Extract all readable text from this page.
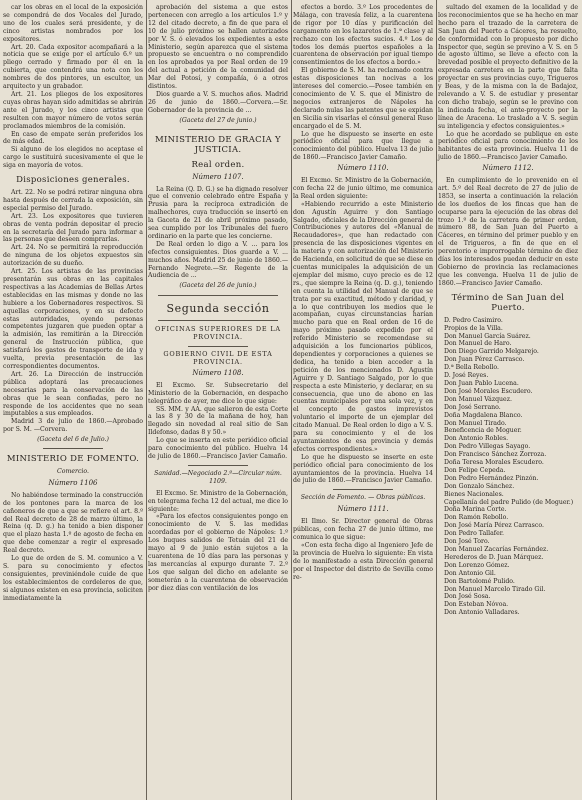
car los obras en el local de la exposición se compondrá de dos Vocales del Jurado, uno de los cuales será presidente, y de cinco artistas nombrados por los expositores.

Art. 20. Cada expositor acompañará a la noticia que se exige por el artículo 6.º un pliego cerrado y firmado por él en la cubierta, que contendrá una nota con los nombres de dos pintores, un escultor, un arquitecto y un grabador.

Art. 21. Los pliegos de los expositores cuyas obras hayan sido admitidas se abrirán ante el Jurado, y los cinco artistas que resulten con mayor número de votos serán proclamados miembros de la comisión.

En caso de empate serán preferidos los de más edad.

Si alguno de los elegidos no aceptase el cargo le sustituirá sucesivamente el que le siga en mayoría de votos.

Disposiciones generales.

Art. 22. No se podrá retirar ninguna obra hasta después de cerrada la exposición, sin especial permiso del Jurado.

Art. 23. Los expositores que tuvieren obras de venta podrán depositar el precio en la secretaría del Jurado para informar a las personas que deseen comprarlas.

Art. 24. No se permitirá la reproducción de ninguna de los objetos expuestos sin autorización de su dueño.

Art. 25. Los artistas de las provincias presentarán sus obras en las capitales respectivas a las Academias de Bellas Artes establecidas en las mismas y donde no las hubiere a los Gobernadores respectivos. Si aquellas corporaciones, y en su defecto estas autoridades, oyendo personas competentes juzgaren que pueden optar a la admisión, las remitirán a la Dirección general de Instrucción pública, que satisfará los gastos de transporte de ida y vuelta, previa presentación de las correspondientes documentos.

Art. 26. La Dirección de instrucción pública adoptará las precauciones necesarias para la conservación de las obras que le sean confiadas, pero no responde de los accidentes que no sean imputables a sus empleados.

Madrid 3 de julio de 1860.—Aprobado por S. M. —Corvera.

(Gaceta del 6 de Julio.)
MINISTERIO DE FOMENTO.
Comercio.
Número 1106

No habiéndose terminado la construcción de los pontones para la marca de los cañoneros de que a que se refiere el art. 8.º del Real decreto de 28 de marzo último, la Reina (q. D. g.) ha tenido a bien disponer que el plazo hasta 1.º de agosto de fecha en que debe comenzar a regir el expresado Real decreto.

Lo que de orden de S. M. comunico a V. S. para su conocimiento y efectos consiguientes, previniéndole cuide de que los establecimientos de cordeleros de que, si algunos existen en esa provincia, soliciten inmediatamente la

aprobación del sistema a que estos pertenecen con arreglo a los artículos 1.º y 12 del citado decreto, a fin de que para el 10 de julio próximo se hallen autorizados por V. S. ó elevados los expedientes a este Ministerio, según aparezca que el sistema propuesto se encuentra o no comprendido en los aprobados ya por Real orden de 19 del actual a petición de la comunidad del Mar del Potosí, y compañía, ó a otros distintos.

Dios guarde a V. S. muchos años. Madrid 26 de junio de 1860.—Corvera.—Sr. Gobernador de la provincia de ...

(Gaceta del 27 de junio.)
MINISTERIO DE GRACIA Y JUSTICIA.
Real orden.
Número 1107.

La Reina (Q. D. G.) se ha dignado resolver que el convenio celebrado entre España y Prusia para la recíproca extradición de malhechores, cuya traducción se insertó en la Gaceta de 21 de abril próximo pasado, sea cumplido por los Tribunales del fuero ordinario en la parte que les concierne.

De Real orden lo digo a V. ... para los efectos consiguientes. Dios guarde a V. ... muchos años. Madrid 25 de junio de 1860.—Fernando Negrete.—Sr. Regente de la Audiencia de ...

(Gaceta del 26 de junio.)
Segunda sección
OFICINAS SUPERIORES DE LA PROVINCIA.
GOBIERNO CIVIL DE ESTA PROVINCIA.
Número 1108.

El Excmo. Sr. Subsecretario del Ministerio de la Gobernación, en despacho telegráfico de ayer, me dice lo que sigue:

SS. MM. y AA. que salieron de esta Corte a las 8 y 30 de la mañana de hoy, han llegado sin novedad al real sitio de San Ildefonso, dadas 8 y 50.»

Lo que se inserta en este periódico oficial para conocimiento del público. Huelva 14 de julio de 1860.—Francisco Javier Camaño.

Sanidad.—Negociado 2.º—Circular núm. 1109.

El Excmo. Sr. Ministro de la Gobernación, en telegrama fecha 12 del actual, me dice lo siguiente:

«Para los efectos consiguientes pongo en conocimiento de V. S. las medidas acordadas por el gobierno de Nápoles: 1.º Los buques salidos de Tetuán del 21 de mayo al 9 de junio están sujetos a la cuarentena de 10 días para las personas y las mercancías al expurgo durante 7. 2.º Los que salgan del dicho en adelante se someterán a la cuarentena de observación por diez días con ventilación de los

efectos a bordo. 3.º Los procedentes de Málaga, con travesía feliz, a la cuarentena de rigor por 10 días y purificación del cargamento en los lazaretos de 1.ª clase y al rechazo con los efectos sucios. 4.º Los de todos los demás puertos españoles a la cuarentena de observación por igual tiempo consentimientos de los efectos a bordo.»

El gobierno de S. M. ha reclamado contra estas disposiciones tan nocivas a los intereses del comercio.—Posee también en conocimiento de V. S. que el Ministro de negocios extranjeros de Nápoles ha declarado nulas las patentes que se expidan en Sicilia sin visarlas el cónsul general Ruso encargado el de S. M.

Lo que he dispuesto se inserte en este periódico oficial para que llegue a conocimiento del público. Huelva 13 de julio de 1860.—Francisco Javier Camaño.

Número 1110.

El Excmo. Sr. Ministro de la Gobernación, con fecha 22 de junio último, me comunica la Real orden siguiente:

«Habiendo recurrido a este Ministerio don Agustín Aguirre y don Santiago Salgado, oficiales de la Dirección general de Contribuciones y autores del «Manual de Recaudadores», que han redactado con presencia de las disposiciones vigentes en la materia y con autorización del Ministerio de Hacienda, en solicitud de que se diese en cuentas municipales la adquisición de un ejemplar del mismo, cuyo precio es de 12 rs., que siempre la Reina (q. D. g.), teniendo en cuenta la utilidad del Manual de que se trata por su exactitud, método y claridad, y a lo que contribuyen los medios que le acompañan, cuyas circunstancias harían mucho para que en Real orden de 16 de mayo próximo pasado expedido por el referido Ministerio se recomendase su adquisición a los funcionarios públicos, dependientes y corporaciones a quienes se dedica, ha tenido a bien acceder a la petición de los mencionados D. Agustín Aguirre y D. Santiago Salgado, por lo que respecta a este Ministerio, y declarar, en su consecuencia, que uno de abono en las cuentas municipales por una sola vez, y en el concepto de gastos imprevistos voluntario el importe de un ejemplar del citado Manual. De Real orden lo digo a V. S. para su conocimiento y el de los ayuntamientos de esa provincia y demás efectos correspondientes.»

Lo que he dispuesto se inserte en este periódico oficial para conocimiento de los ayuntamientos de la provincia. Huelva 14 de julio de 1860.—Francisco Javier Camaño.

Sección de Fomento. — Obras públicas.
Número 1111.

El Ilmo. Sr. Director general de Obras públicas, con fecha 27 de junio último, me comunica lo que sigue:

«Con esta fecha digo al Ingeniero Jefe de la provincia de Huelva lo siguiente: En vista de lo manifestado a esta Dirección general por el Inspector del distrito de Sevilla como re-

sultado del examen de la localidad y de los reconocimientos que se ha hecho en mar hecho para el trazado de la carretera de San Juan del Puerto a Cáceres, ha resuelto, de conformidad con lo propuesto por dicho Inspector que, según se previno a V. S. en 5 de agosto último, se lleve a efecto con la brevedad posible el proyecto definitivo de la expresada carretera en la parte que falta proyectar en sus provincias cuyo, Trigueros y Beas, y de la misma con la de Badajoz, relevando a V. S. de estudiar y presentar con dicho trabajo, según se le previno con la indicada fecha, el ante-proyecto por la línea de Aracena. Lo traslado a V. S. según su inteligencia y efectos consiguientes.»

Lo que he acordado se publique en este periódico oficial para conocimiento de los habitantes de esta provincia. Huelva 11 de julio de 1860.—Francisco Javier Camaño.

Número 1112.

En cumplimiento de lo prevenido en el art. 5.º del Real decreto de 27 de julio de 1853, se inserta a continuación la relación de los dueños de los fincas que han de ocuparse para la ejecución de las obras del trozo 1.º de la carretera de primer orden, número 88, de San Juan del Puerto a Cáceres, en término del primer pueblo y en el de Trigueros, a fin de que en el perentorio e improrrogable término de diez días los interesados puedan deducir en este Gobierno de provincia las reclamaciones que les convenga. Huelva 11 de julio de 1860.—Francisco Javier Camaño.

Término de San Juan del Puerto.

D. Pedro Casimiro.

Propios de la Villa.

Don Manuel García Suárez.

Don Manuel de Haro.

Don Diego Garrido Melgarejo.

Don Juan Pérez Carrasco.

D.ª Bella Rebollo.

D. José Reyes.

Don Juan Pablo Lucena.

Don José Morales Escudero.

Don Manuel Vázquez.

Don José Serrano.

Doña Magdalena Blanco.

Don Manuel Tirado.

Beneficencia de Moguer.

Don Antonio Robles.

Don Pedro Villegas Sayago.

Don Francisco Sánchez Zorroza.

Doña Teresa Morales Escudero.

Don Felipe Cepeda.

Don Pedro Hernández Pinzón.

Don Gonzalo Sánchez.

Bienes Nacionales.

Capellanía del padre Pulido (de Moguer.)

Doña Marina Corte.

Don Ramón Rebollo.

Don José María Pérez Carrasco.

Don Pedro Tallafer.

Don José Toro.

Don Manuel Zacarías Fernández.

Herederos de D. Juan Márquez.

Don Lorenzo Gómez.

Don Antonio Gil.

Don Bartolomé Pulido.

Don Manuel Marcelo Tirado Gil.

Don José Sosa.

Don Esteban Nóvoa.

Don Antonio Valladares.
